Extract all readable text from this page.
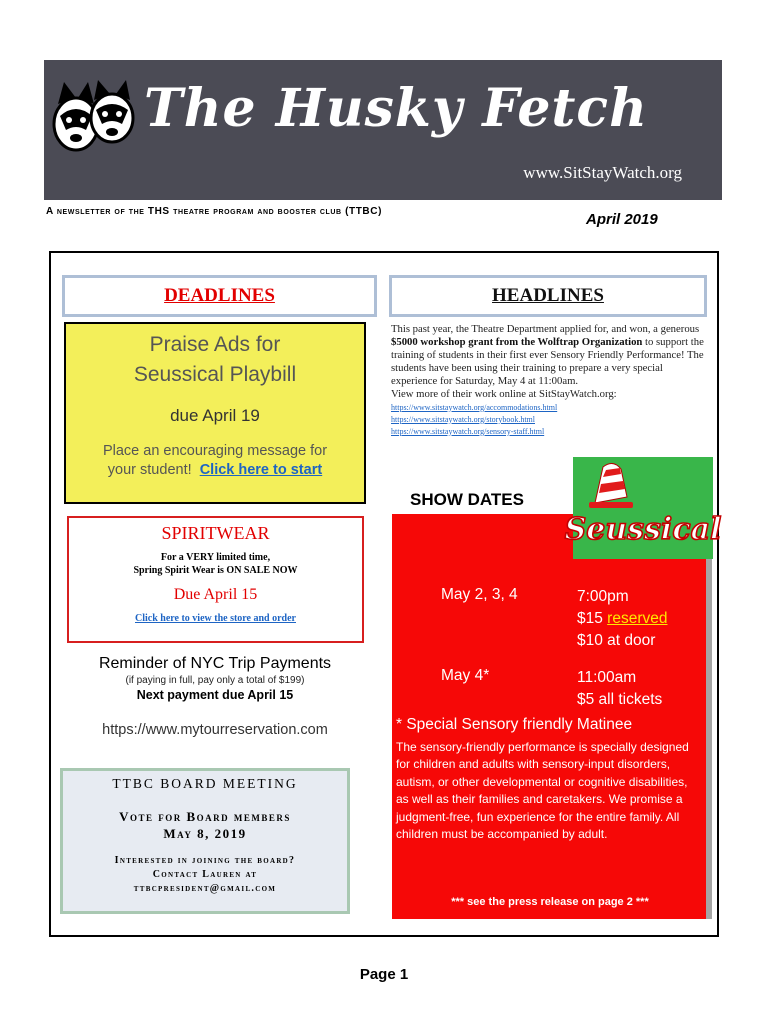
The Husky Fetch
www.SitStayWatch.org
A newsletter of the THS theatre program and booster club (TTBC)	April 2019
DEADLINES
Praise Ads for
Seussical Playbill
due April 19
Place an encouraging message for
your student! Click here to start
SPIRITWEAR
For a VERY limited time,
Spring Spirit Wear is ON SALE NOW
Due April 15
Click here to view the store and order
Reminder of NYC Trip Payments
(if paying in full, pay only a total of $199)
Next payment due April 15
https://www.mytourreservation.com
TTBC BOARD MEETING
Vote for Board members
May 8, 2019
Interested in joining the board?
Contact Lauren at
ttbcpresident@gmail.com
HEADLINES
This past year, the Theatre Department applied for, and won, a generous $5000 workshop grant from the Wolftrap Organization to support the training of students in their first ever Sensory Friendly Performance! The students have been using their training to prepare a very special experience for Saturday, May 4 at 11:00am.
View more of their work online at SitStayWatch.org:
https://www.sitstaywatch.org/accommodations.html
https://www.sitstaywatch.org/storybook.html
https://www.sitstaywatch.org/sensory-staff.html
SHOW DATES
Seussical
May 2, 3, 4	7:00pm
$15 reserved
$10 at door
May 4*	11:00am
$5 all tickets
* Special Sensory friendly Matinee
The sensory-friendly performance is specially designed for children and adults with sensory-input disorders, autism, or other developmental or cognitive disabilities, as well as their families and caretakers. We promise a judgment-free, fun experience for the entire family. All children must be accompanied by adult.
*** see the press release on page 2 ***
Page 1
